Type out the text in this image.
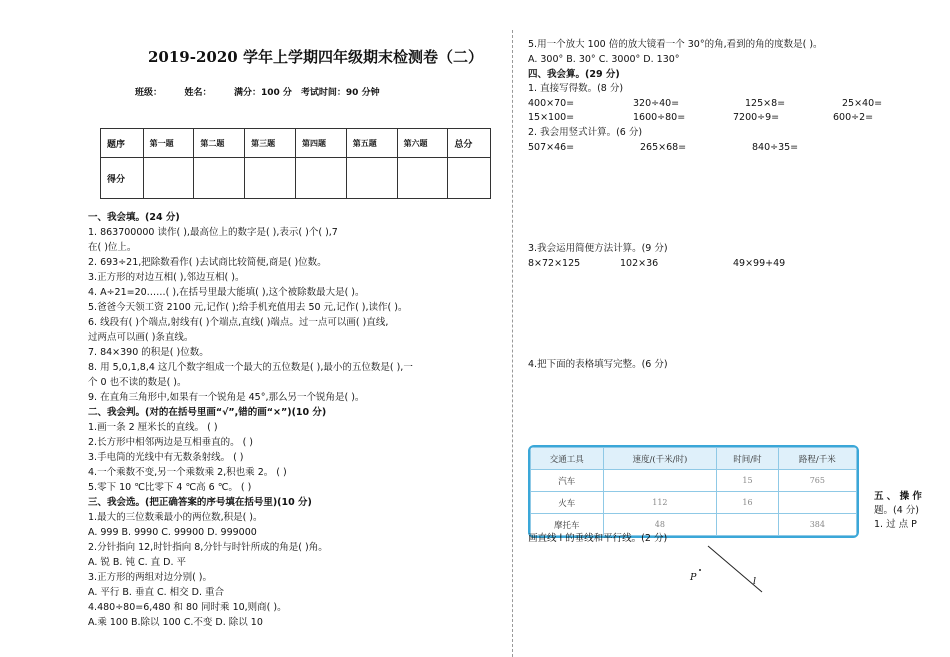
2019-2020 学年上学期四年级期末检测卷（二）
班级：　　　姓名：　　　满分：100 分　考试时间：90 分钟
题序	第一题	第二题	第三题	第四题	第五题	第六题	总分
得分							
一、我会填。(24 分)
1. 863700000 读作( ),最高位上的数字是( ),表示( )个( ),7
在( )位上。
2. 693÷21,把除数看作( )去试商比较简便,商是( )位数。
3.正方形的对边互相( ),邻边互相( )。
4. A÷21=20……( ),在括号里最大能填( ),这个被除数最大是( )。
5.爸爸今天领工资 2100 元,记作( );给手机充值用去 50 元,记作( ),读作( )。
6. 线段有( )个端点,射线有( )个端点,直线( )端点。过一点可以画( )直线,
过两点可以画( )条直线。
7. 84×390 的积是( )位数。
8. 用 5,0,1,8,4 这几个数字组成一个最大的五位数是( ),最小的五位数是( ),一
个 0 也不读的数是( )。
9. 在直角三角形中,如果有一个锐角是 45°,那么另一个锐角是( )。
二、我会判。(对的在括号里画“√”,错的画“×”)(10 分)
1.画一条 2 厘米长的直线。 ( )
2.长方形中相邻两边是互相垂直的。 ( )
3.手电筒的光线中有无数条射线。 ( )
4.一个乘数不变,另一个乘数乘 2,积也乘 2。 ( )
5.零下 10 ℃比零下 4 ℃高 6 ℃。 ( )
三、我会选。(把正确答案的序号填在括号里)(10 分)
1.最大的三位数乘最小的两位数,积是( )。
A. 999 B. 9990 C. 99900 D. 999000
2.分针指向 12,时针指向 8,分针与时针所成的角是( )角。
A. 锐 B. 钝 C. 直 D. 平
3.正方形的两组对边分别( )。
A. 平行 B. 垂直 C. 相交 D. 重合
4.480÷80=6,480 和 80 同时乘 10,则商( )。
A.乘 100 B.除以 100 C.不变 D. 除以 10
5.用一个放大 100 倍的放大镜看一个 30°的角,看到的角的度数是( )。
A. 300° B. 30° C. 3000° D. 130°
四、我会算。(29 分)
1. 直接写得数。(8 分)
400×70=	320÷40=	125×8=	25×40=
15×100=	1600÷80=	7200÷9=	600÷2=
2. 我会用竖式计算。(6 分)
507×46=	265×68=	840÷35=
3.我会运用简便方法计算。(9 分)
8×72×125	102×36	49×99+49
4.把下面的表格填写完整。(6 分)
交通工具	速度/(千米/时)	时间/时	路程/千米
汽车		15	765
火车	112	16	
摩托车	48		384
五 、 操 作
题。(4 分)
1. 过 点 P
画直线 l 的垂线和平行线。(2 分)
P	l
